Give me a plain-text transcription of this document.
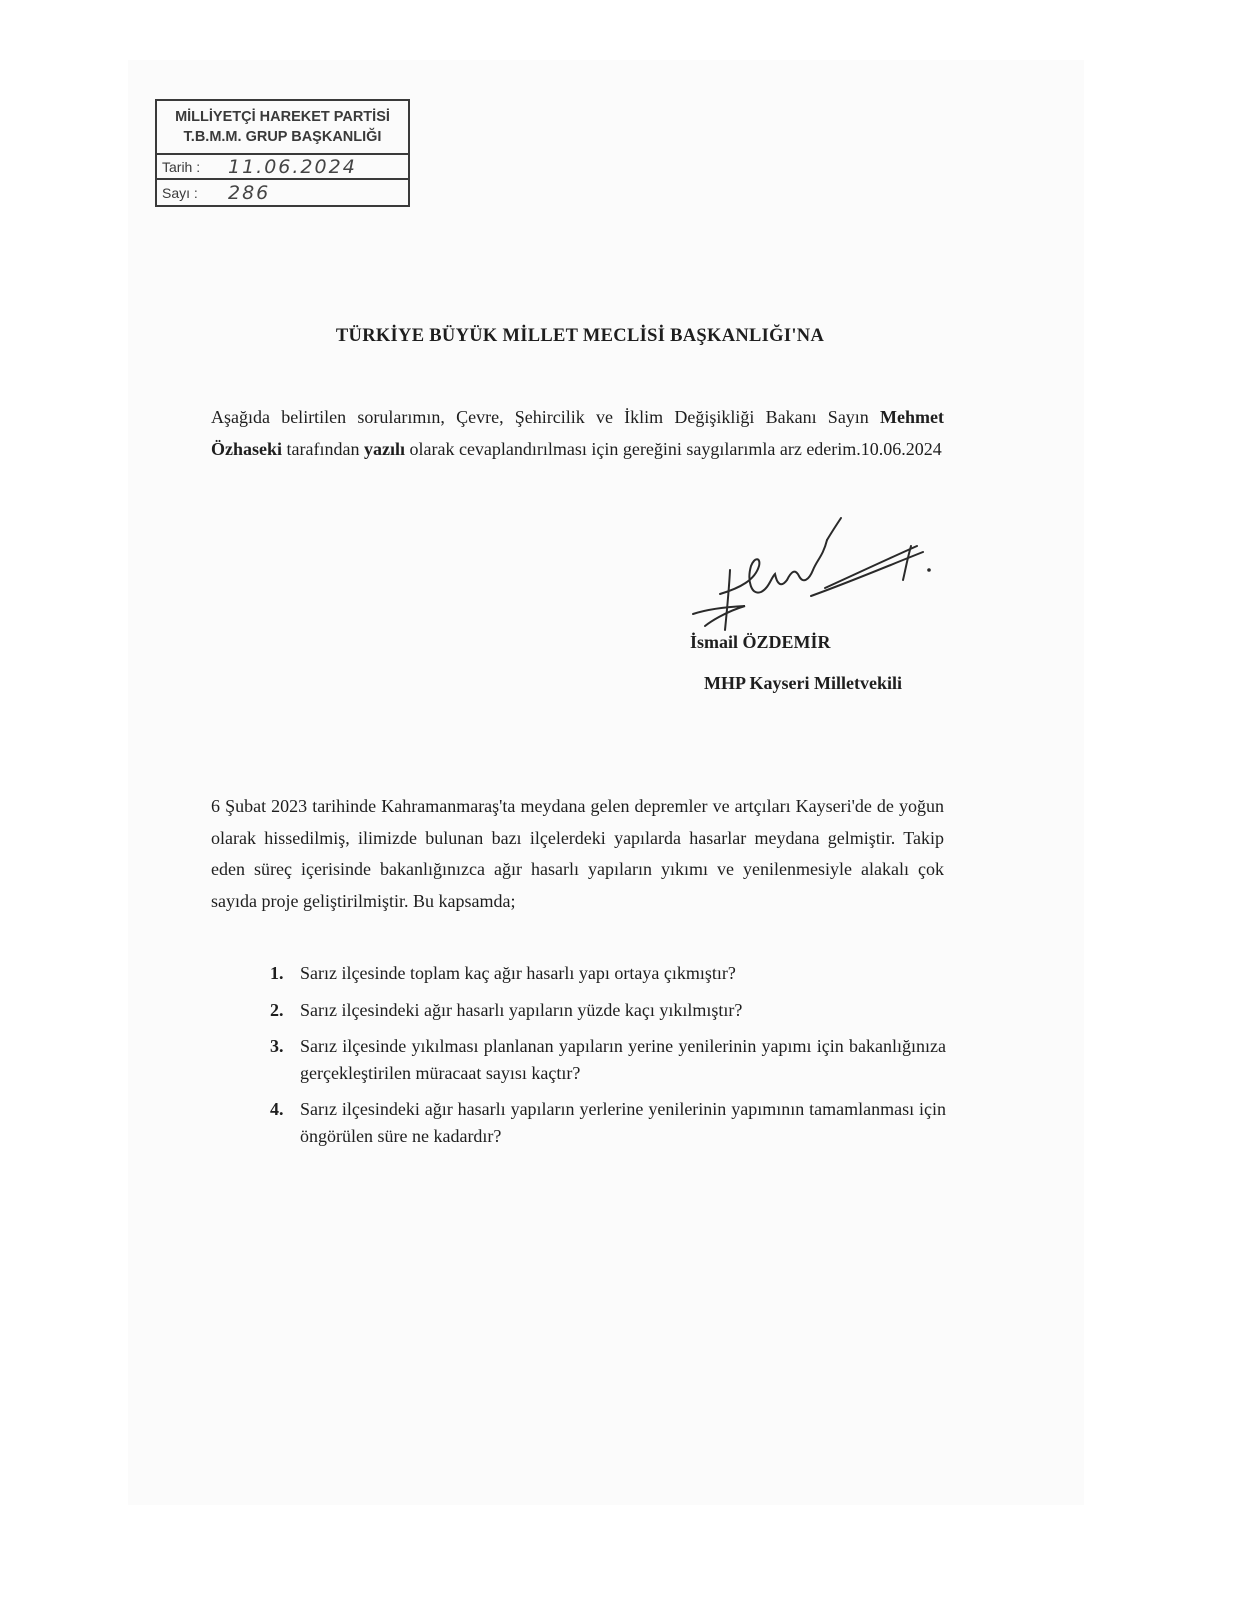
MİLLİYETÇİ HAREKET PARTİSİ
T.B.M.M. GRUP BAŞKANLIĞI
Tarih :	11.06.2024
Sayı :	286
TÜRKİYE BÜYÜK MİLLET MECLİSİ BAŞKANLIĞI'NA
Aşağıda belirtilen sorularımın, Çevre, Şehircilik ve İklim Değişikliği Bakanı Sayın Mehmet Özhaseki tarafından yazılı olarak cevaplandırılması için gereğini saygılarımla arz ederim.10.06.2024
İsmail ÖZDEMİR
MHP Kayseri Milletvekili
6 Şubat 2023 tarihinde Kahramanmaraş'ta meydana gelen depremler ve artçıları Kayseri'de de yoğun olarak hissedilmiş, ilimizde bulunan bazı ilçelerdeki yapılarda hasarlar meydana gelmiştir. Takip eden süreç içerisinde bakanlığınızca ağır hasarlı yapıların yıkımı ve yenilenmesiyle alakalı çok sayıda proje geliştirilmiştir. Bu kapsamda;
1. Sarız ilçesinde toplam kaç ağır hasarlı yapı ortaya çıkmıştır?
2. Sarız ilçesindeki ağır hasarlı yapıların yüzde kaçı yıkılmıştır?
3. Sarız ilçesinde yıkılması planlanan yapıların yerine yenilerinin yapımı için bakanlığınıza gerçekleştirilen müracaat sayısı kaçtır?
4. Sarız ilçesindeki ağır hasarlı yapıların yerlerine yenilerinin yapımının tamamlanması için öngörülen süre ne kadardır?
